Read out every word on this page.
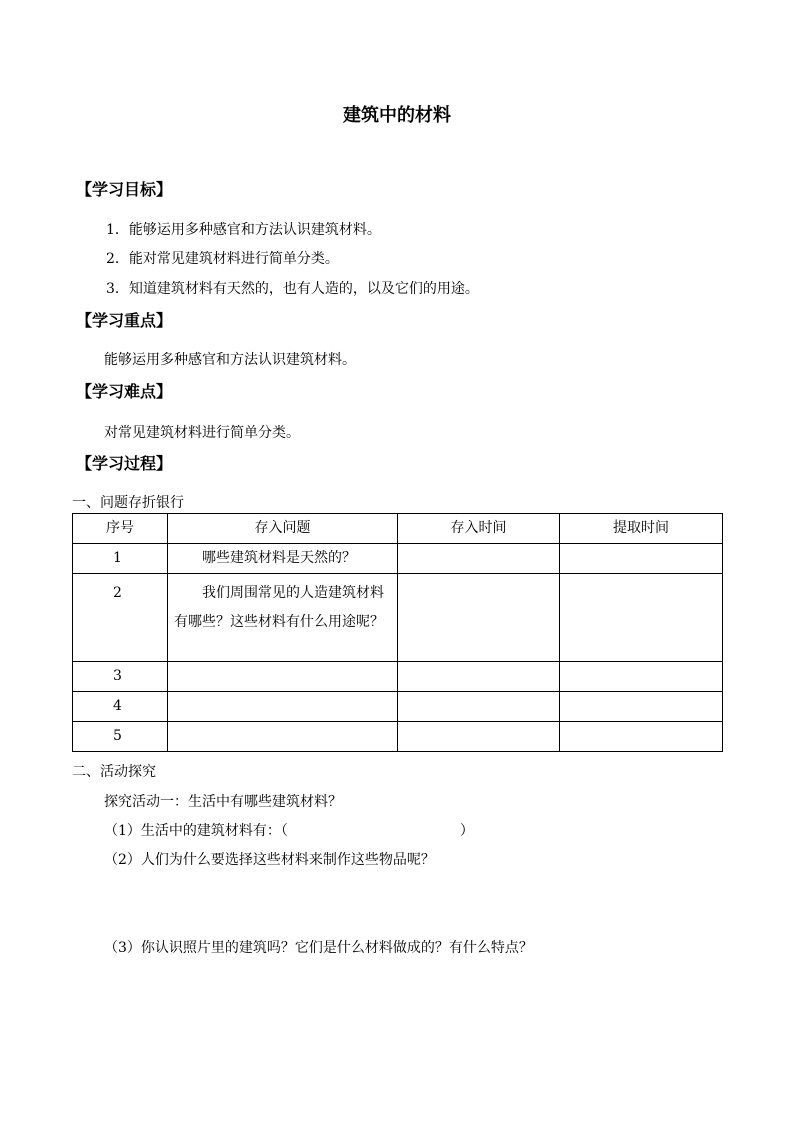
建筑中的材料
【学习目标】
1．能够运用多种感官和方法认识建筑材料。
2．能对常见建筑材料进行简单分类。
3．知道建筑材料有天然的，也有人造的，以及它们的用途。
【学习重点】
能够运用多种感官和方法认识建筑材料。
【学习难点】
对常见建筑材料进行简单分类。
【学习过程】
一、问题存折银行
序号	存入问题	存入时间	提取时间
1	哪些建筑材料是天然的？		
2	我们周围常见的人造建筑材料有哪些？这些材料有什么用途呢？		
3			
4			
5			
二、活动探究
探究活动一：生活中有哪些建筑材料？
（1）生活中的建筑材料有：（	）
（2）人们为什么要选择这些材料来制作这些物品呢？
（3）你认识照片里的建筑吗？它们是什么材料做成的？有什么特点？
